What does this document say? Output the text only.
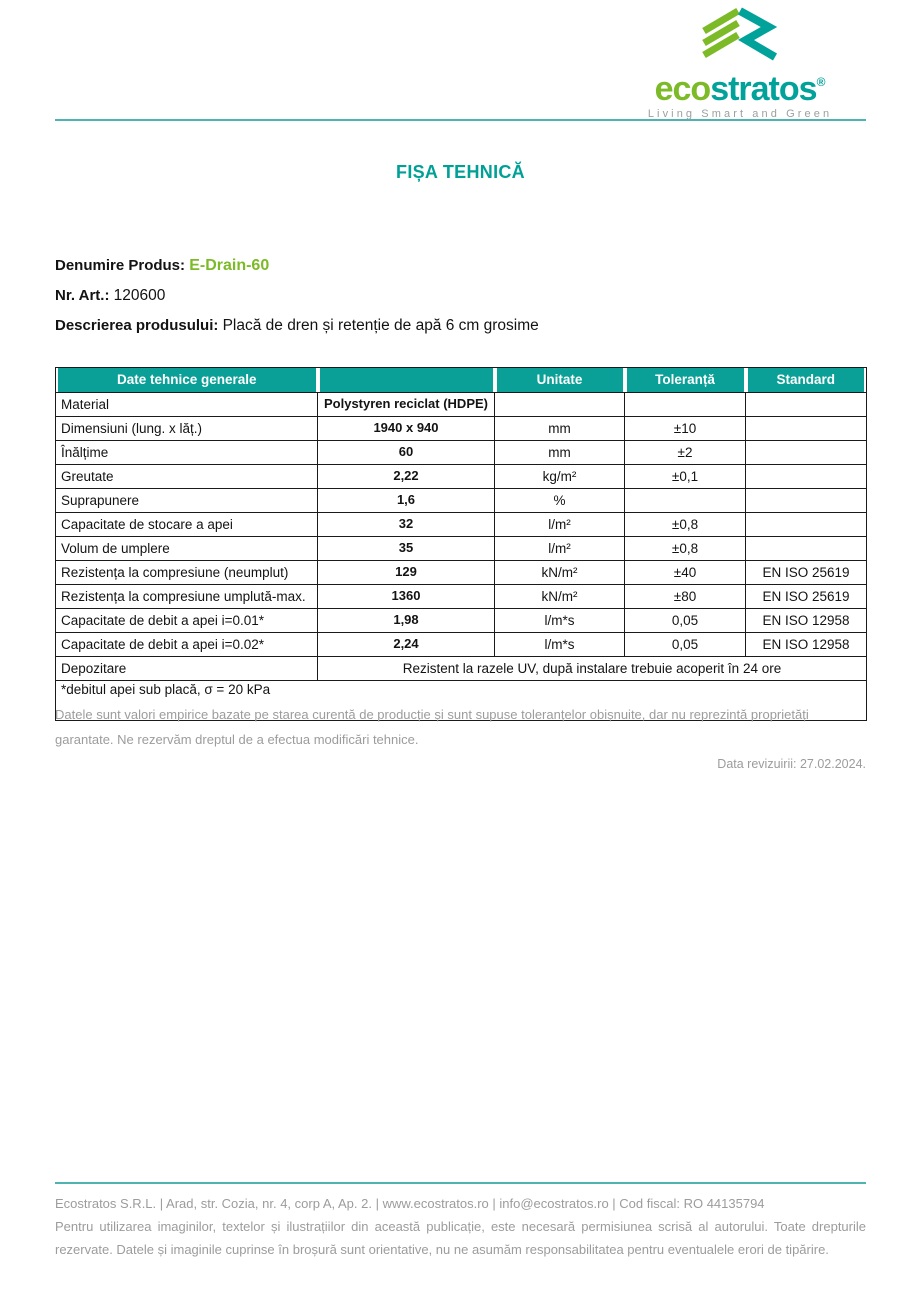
ecostratos®
Living Smart and Green
FIȘA TEHNICĂ

Denumire Produs: E-Drain-60

Nr. Art.: 120600

Descrierea produsului: Placă de dren și retenție de apă 6 cm grosime

Date tehnice generale		Unitate	Toleranță	Standard

Material	Polystyren reciclat (HDPE)			
Dimensiuni (lung. x lăț.)	1940 x 940	mm	±10	
Înălțime	60	mm	±2	
Greutate	2,22	kg/m²	±0,1	
Suprapunere	1,6	%		
Capacitate de stocare a apei	32	l/m²	±0,8	
Volum de umplere	35	l/m²	±0,8	
Rezistența la compresiune (neumplut)	129	kN/m²	±40	EN ISO 25619
Rezistența la compresiune umplută-max.	1360	kN/m²	±80	EN ISO 25619
Capacitate de debit a apei i=0.01*	1,98	l/m*s	0,05	EN ISO 12958
Capacitate de debit a apei i=0.02*	2,24	l/m*s	0,05	EN ISO 12958
Depozitare	Rezistent la razele UV, după instalare trebuie acoperit în 24 ore			
*debitul apei sub placă, σ = 20 kPa				
Datele sunt valori empirice bazate pe starea curentă de producție și sunt supuse toleranțelor obișnuite, dar nu reprezintă proprietăți garantate. Ne rezervăm dreptul de a efectua modificări tehnice.
Data revizuirii: 27.02.2024.

Ecostratos S.R.L. | Arad, str. Cozia, nr. 4, corp A, Ap. 2. | www.ecostratos.ro | info@ecostratos.ro | Cod fiscal: RO 44135794

Pentru utilizarea imaginilor, textelor și ilustrațiilor din această publicație, este necesară permisiunea scrisă al autorului. Toate drepturile rezervate. Datele și imaginile cuprinse în broșură sunt orientative, nu ne asumăm responsabilitatea pentru eventualele erori de tipărire.
